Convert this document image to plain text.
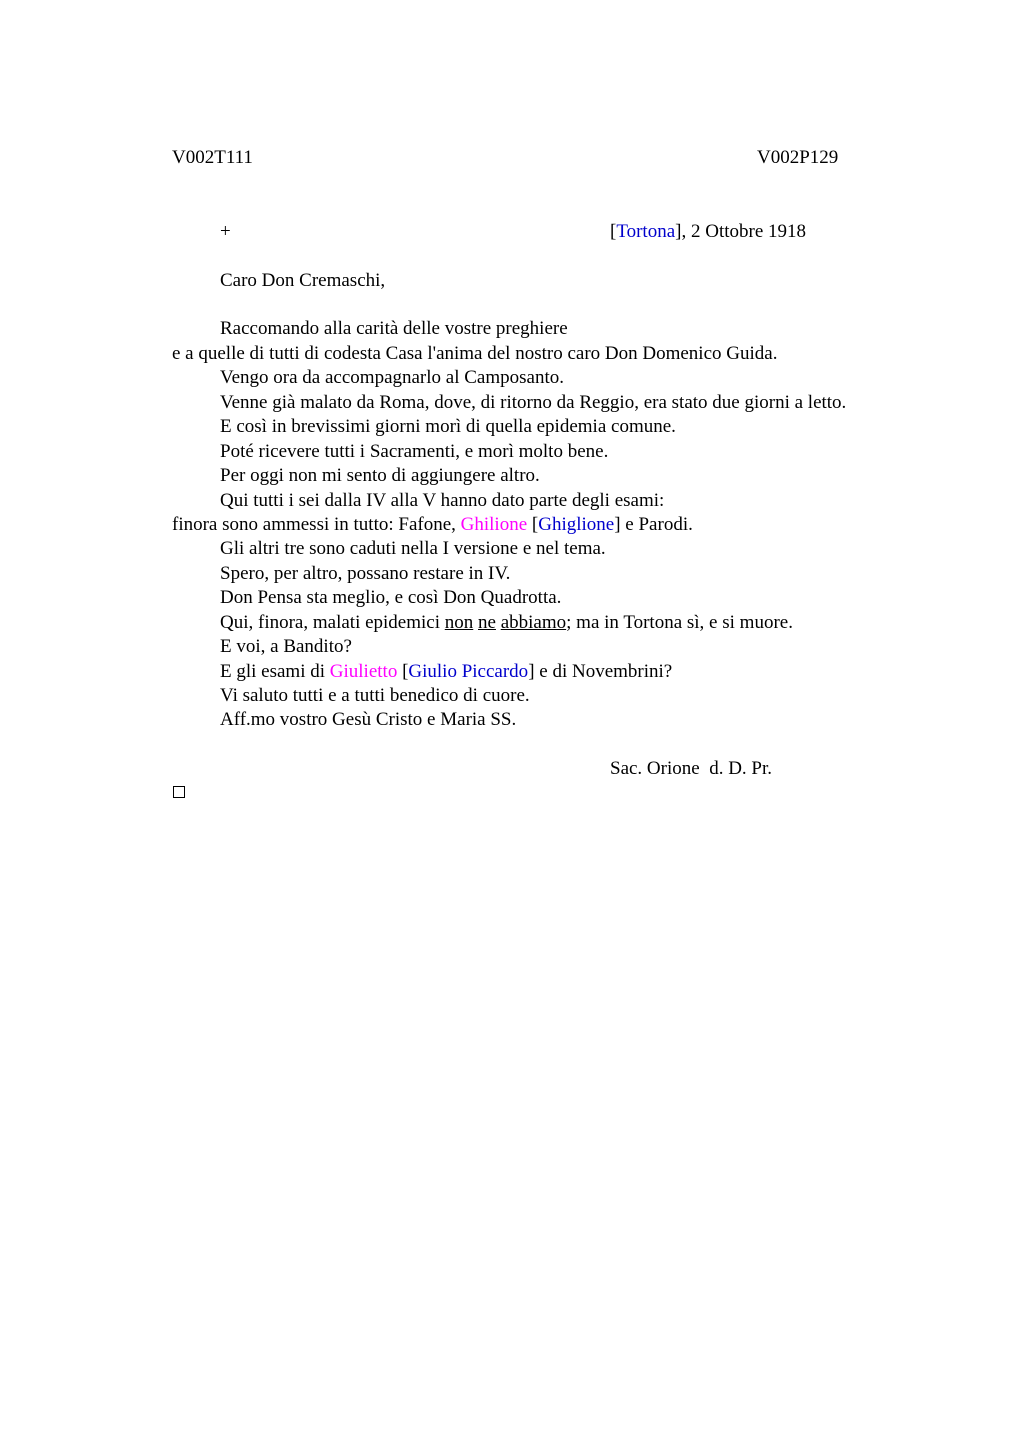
V002T111	V002P129
+	[Tortona], 2 Ottobre 1918
Caro Don Cremaschi,
Raccomando alla carità delle vostre preghiere
e a quelle di tutti di codesta Casa l'anima del nostro caro Don Domenico Guida.
Vengo ora da accompagnarlo al Camposanto.
Venne già malato da Roma, dove, di ritorno da Reggio, era stato due giorni a letto.
E così in brevissimi giorni morì di quella epidemia comune.
Poté ricevere tutti i Sacramenti, e morì molto bene.
Per oggi non mi sento di aggiungere altro.
Qui tutti i sei dalla IV alla V hanno dato parte degli esami:
finora sono ammessi in tutto: Fafone, Ghilione [Ghiglione] e Parodi.
Gli altri tre sono caduti nella I versione e nel tema.
Spero, per altro, possano restare in IV.
Don Pensa sta meglio, e così Don Quadrotta.
Qui, finora, malati epidemici non ne abbiamo; ma in Tortona sì, e si muore.
E voi, a Bandito?
E gli esami di Giulietto [Giulio Piccardo] e di Novembrini?
Vi saluto tutti e a tutti benedico di cuore.
Aff.mo vostro Gesù Cristo e Maria SS.
Sac. Orione  d. D. Pr.
